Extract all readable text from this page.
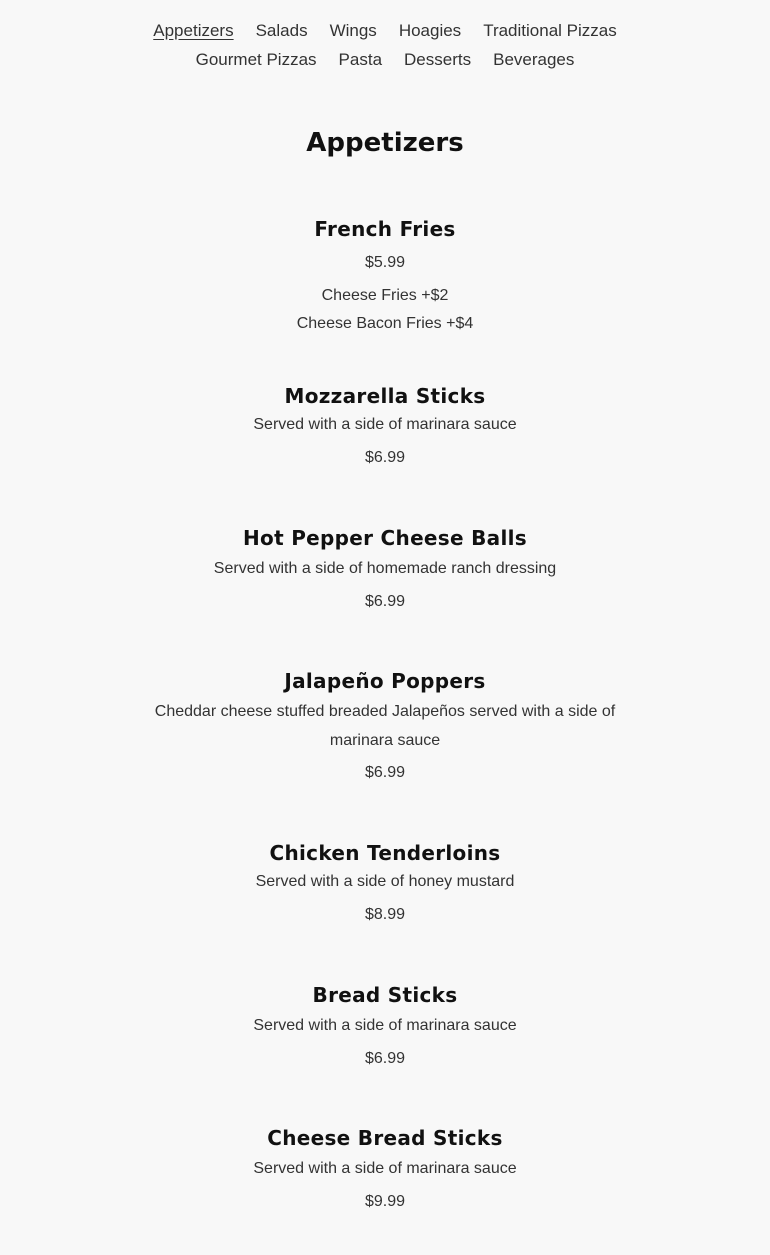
Appetizers Salads Wings Hoagies Traditional Pizzas
Gourmet Pizzas Pasta Desserts Beverages
Appetizers
French Fries

$5.99

Cheese Fries +$2

Cheese Bacon Fries +$4

Mozzarella Sticks

Served with a side of marinara sauce

$6.99

Hot Pepper Cheese Balls

Served with a side of homemade ranch dressing

$6.99

Jalapeño Poppers

Cheddar cheese stuffed breaded Jalapeños served with a side of marinara sauce

$6.99

Chicken Tenderloins

Served with a side of honey mustard

$8.99

Bread Sticks

Served with a side of marinara sauce

$6.99

Cheese Bread Sticks

Served with a side of marinara sauce

$9.99
